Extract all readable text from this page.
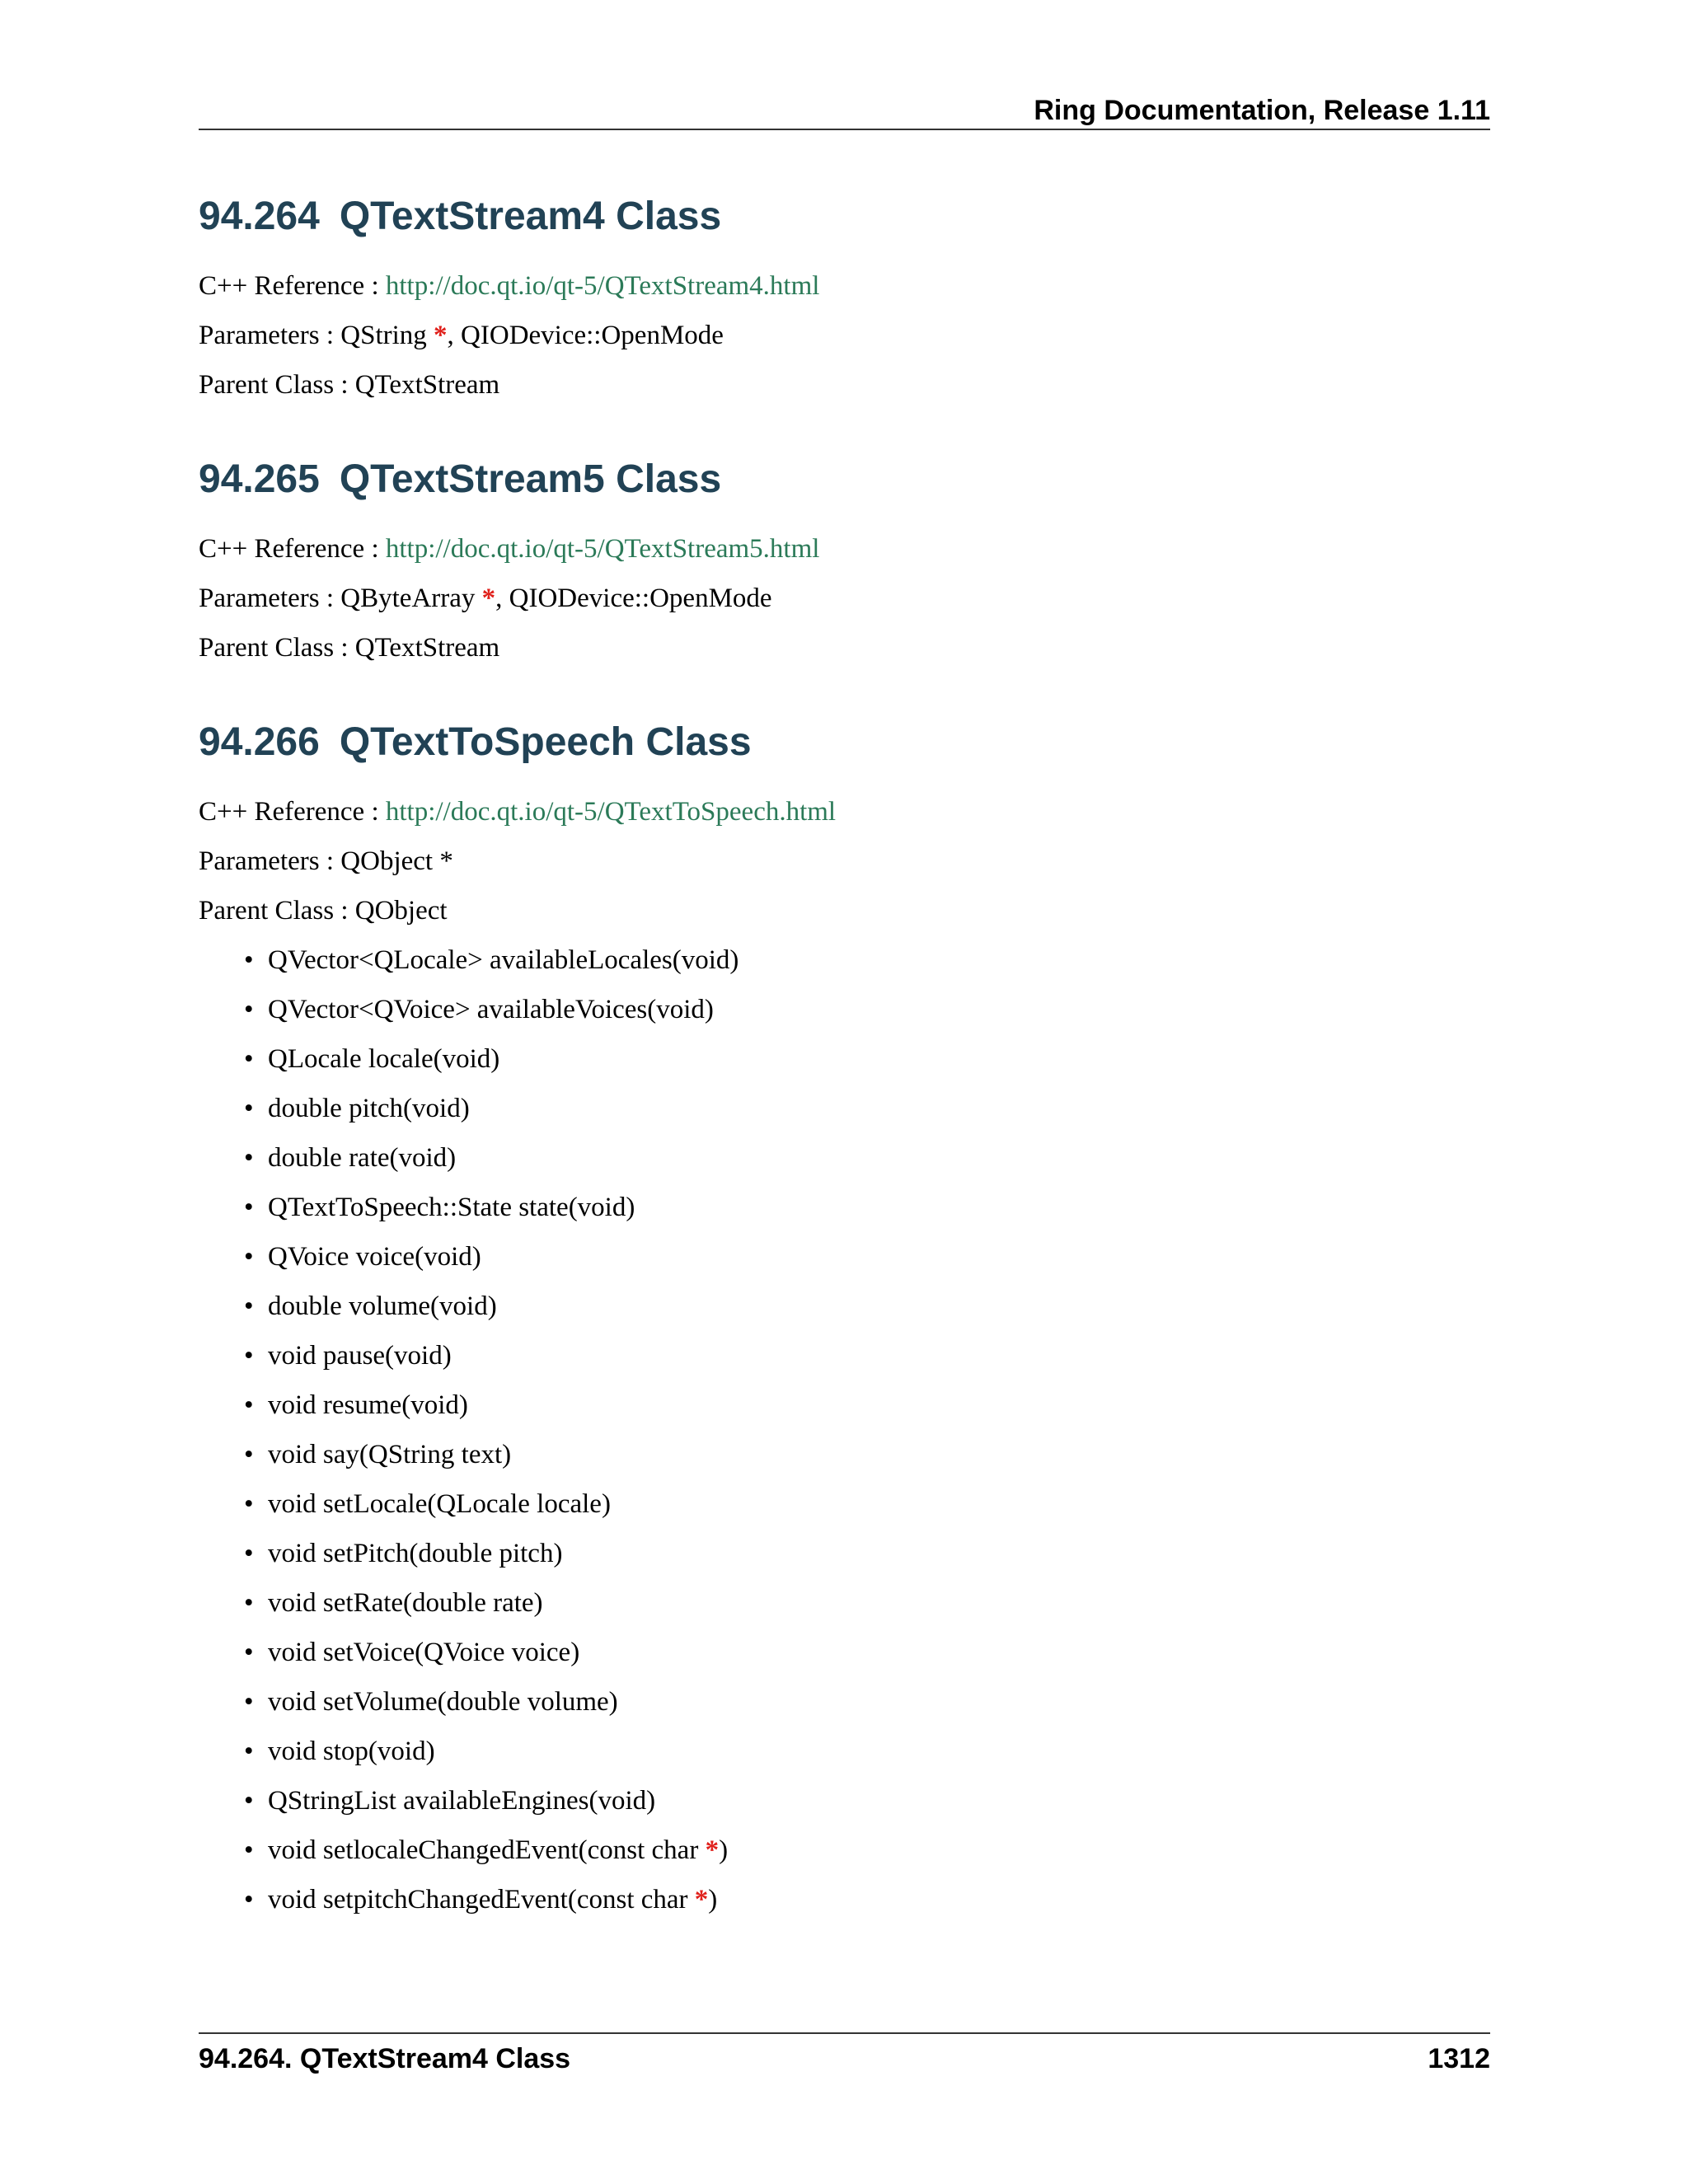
Ring Documentation, Release 1.11
94.264 QTextStream4 Class

C++ Reference : http://doc.qt.io/qt-5/QTextStream4.html

Parameters : QString *, QIODevice::OpenMode

Parent Class : QTextStream

94.265 QTextStream5 Class

C++ Reference : http://doc.qt.io/qt-5/QTextStream5.html

Parameters : QByteArray *, QIODevice::OpenMode

Parent Class : QTextStream

94.266 QTextToSpeech Class

C++ Reference : http://doc.qt.io/qt-5/QTextToSpeech.html

Parameters : QObject *

Parent Class : QObject

• QVector<QLocale> availableLocales(void)
• QVector<QVoice> availableVoices(void)
• QLocale locale(void)
• double pitch(void)
• double rate(void)
• QTextToSpeech::State state(void)
• QVoice voice(void)
• double volume(void)
• void pause(void)
• void resume(void)
• void say(QString text)
• void setLocale(QLocale locale)
• void setPitch(double pitch)
• void setRate(double rate)
• void setVoice(QVoice voice)
• void setVolume(double volume)
• void stop(void)
• QStringList availableEngines(void)
• void setlocaleChangedEvent(const char *)
• void setpitchChangedEvent(const char *)
94.264. QTextStream4 Class	1312
